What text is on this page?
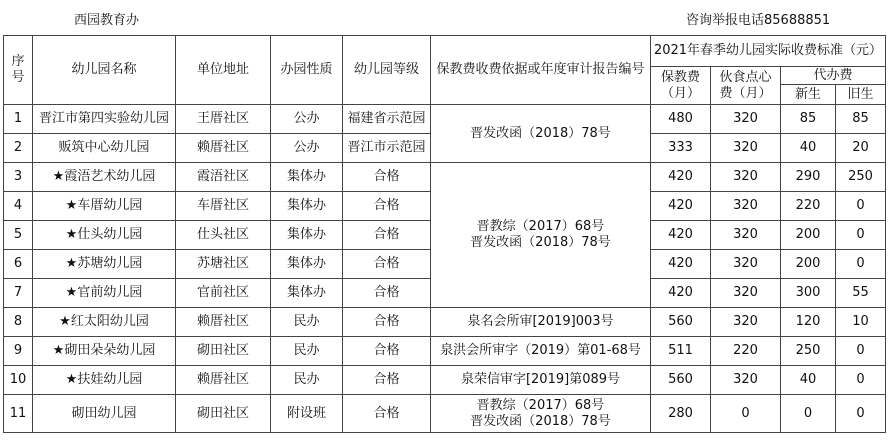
西园教育办	咨询举报电话85688851
序
号	幼儿园名称	单位地址	办园性质	幼儿园等级	保教费收费依据或年度审计报告编号	2021年春季幼儿园实际收费标准（元）			
						保教费（月）	伙食点心费（月）	代办费	
								新生	旧生
1	晋江市第四实验幼儿园	王厝社区	公办	福建省示范园	晋发改函（2018）78号	480	320	85	85
2	贩筑中心幼儿园	赖厝社区	公办	晋江市示范园		333	320	40	20
3	★霞浯艺术幼儿园	霞浯社区	集体办	合格	晋教综（2017）68号
晋发改函（2018）78号	420	320	290	250
4	★车厝幼儿园	车厝社区	集体办	合格		420	320	220	0
5	★仕头幼儿园	仕头社区	集体办	合格		420	320	200	0
6	★苏塘幼儿园	苏塘社区	集体办	合格		420	320	200	0
7	★官前幼儿园	官前社区	集体办	合格		420	320	300	55
8	★红太阳幼儿园	赖厝社区	民办	合格	泉名会所审[2019]003号	560	320	120	10
9	★砌田朵朵幼儿园	砌田社区	民办	合格	泉洪会所审字（2019）第01-68号	511	220	250	0
10	★扶娃幼儿园	赖厝社区	民办	合格	泉荣信审字[2019]第089号	560	320	40	0
11	砌田幼儿园	砌田社区	附设班	合格	晋教综（2017）68号
晋发改函（2018）78号	280	0	0	0
